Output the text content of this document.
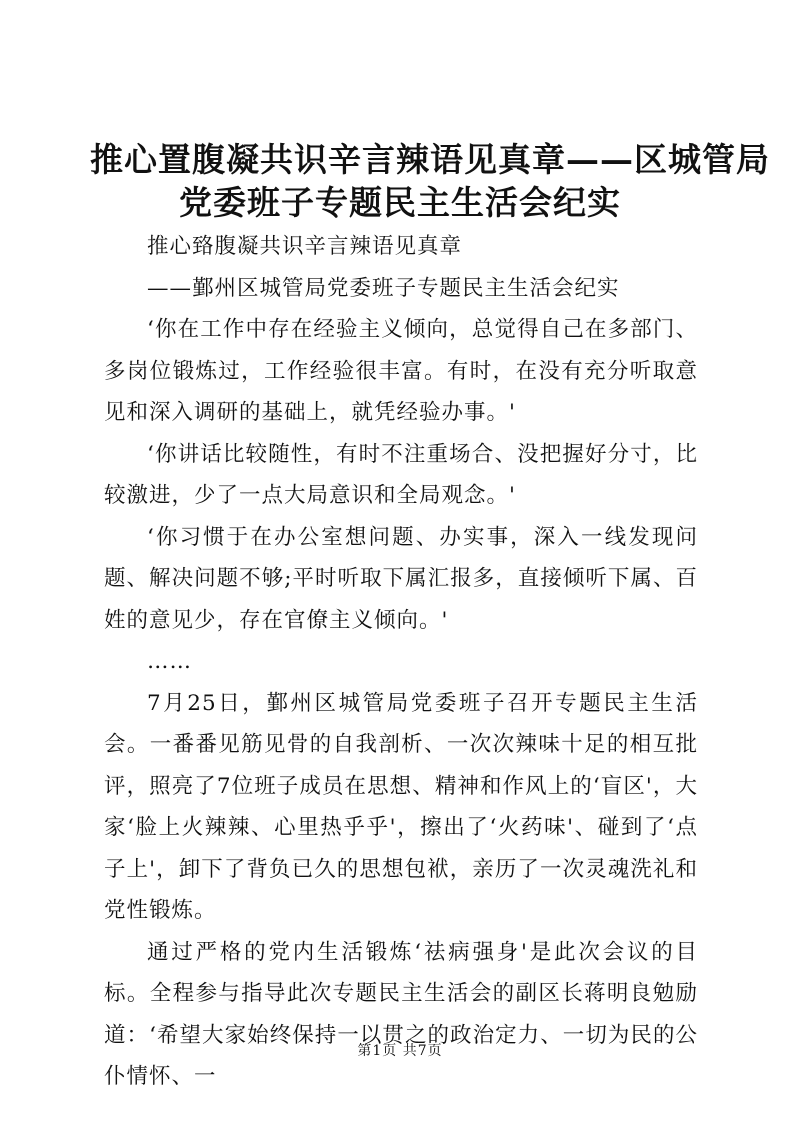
推心置腹凝共识辛言辣语见真章——区城管局
党委班子专题民主生活会纪实

推心臵腹凝共识辛言辣语见真章

——鄞州区城管局党委班子专题民主生活会纪实

‘你在工作中存在经验主义倾向，总觉得自己在多部门、多岗位锻炼过，工作经验很丰富。有时，在没有充分听取意见和深入调研的基础上，就凭经验办事。'

‘你讲话比较随性，有时不注重场合、没把握好分寸，比较激进，少了一点大局意识和全局观念。'

‘你习惯于在办公室想问题、办实事，深入一线发现问题、解决问题不够;平时听取下属汇报多，直接倾听下属、百姓的意见少，存在官僚主义倾向。'

……

7月25日，鄞州区城管局党委班子召开专题民主生活会。一番番见筋见骨的自我剖析、一次次辣味十足的相互批评，照亮了7位班子成员在思想、精神和作风上的‘盲区'，大家‘脸上火辣辣、心里热乎乎'，擦出了‘火药味'、碰到了‘点子上'，卸下了背负已久的思想包袱，亲历了一次灵魂洗礼和党性锻炼。

通过严格的党内生活锻炼‘祛病强身'是此次会议的目标。全程参与指导此次专题民主生活会的副区长蒋明良勉励道：‘希望大家始终保持一以贯之的政治定力、一切为民的公仆情怀、一

第1页 共7页
